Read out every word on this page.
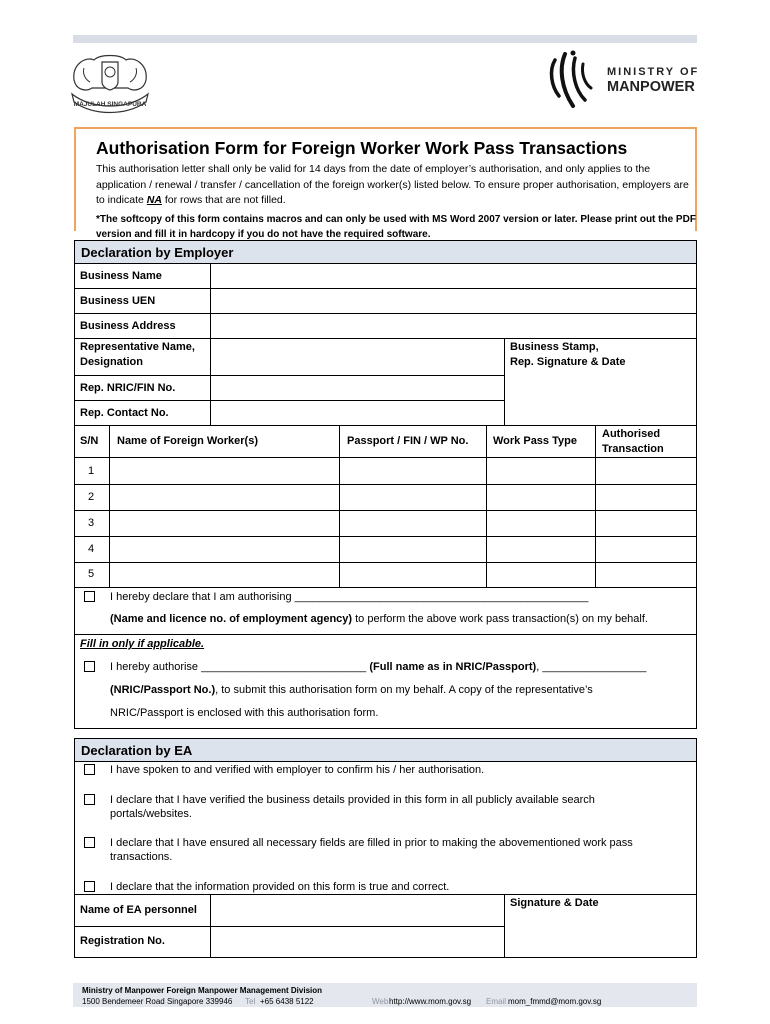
MAJULAH SINGAPURA
MINISTRY OF
MANPOWER
Authorisation Form for Foreign Worker Work Pass Transactions

This authorisation letter shall only be valid for 14 days from the date of employer’s authorisation, and only applies to the application / renewal / transfer / cancellation of the foreign worker(s) listed below. To ensure proper authorisation, employers are to indicate NA for rows that are not filled.

*The softcopy of this form contains macros and can only be used with MS Word 2007 version or later. Please print out the PDF version and fill it in hardcopy if you do not have the required software.

Declaration by Employer
Business Name
Business UEN
Business Address
Representative Name,
Designation
Business Stamp,
Rep. Signature & Date
Rep. NRIC/FIN No.
Rep. Contact No.
S/N Name of Foreign Worker(s)	Passport / FIN / WP No. Work Pass Type
Authorised
Transaction
1
2
3
4
5
I hereby declare that I am authorising ________________________________________________
(Name and licence no. of employment agency) to perform the above work pass transaction(s) on my behalf.
Fill in only if applicable.
I hereby authorise ___________________________ (Full name as in NRIC/Passport), _________________
(NRIC/Passport No.), to submit this authorisation form on my behalf. A copy of the representative’s
NRIC/Passport is enclosed with this authorisation form.
Declaration by EA
I have spoken to and verified with employer to confirm his / her authorisation.
I declare that I have verified the business details provided in this form in all publicly available search
portals/websites.
I declare that I have ensured all necessary fields are filled in prior to making the abovementioned work pass
transactions.
I declare that the information provided on this form is true and correct.
Name of EA personnel
Registration No.
Signature & Date
Ministry of Manpower Foreign Manpower Management Division
1500 Bendemeer Road Singapore 339946 Tel +65 6438 5122	Web http://www.mom.gov.sg Email mom_fmmd@mom.gov.sg
